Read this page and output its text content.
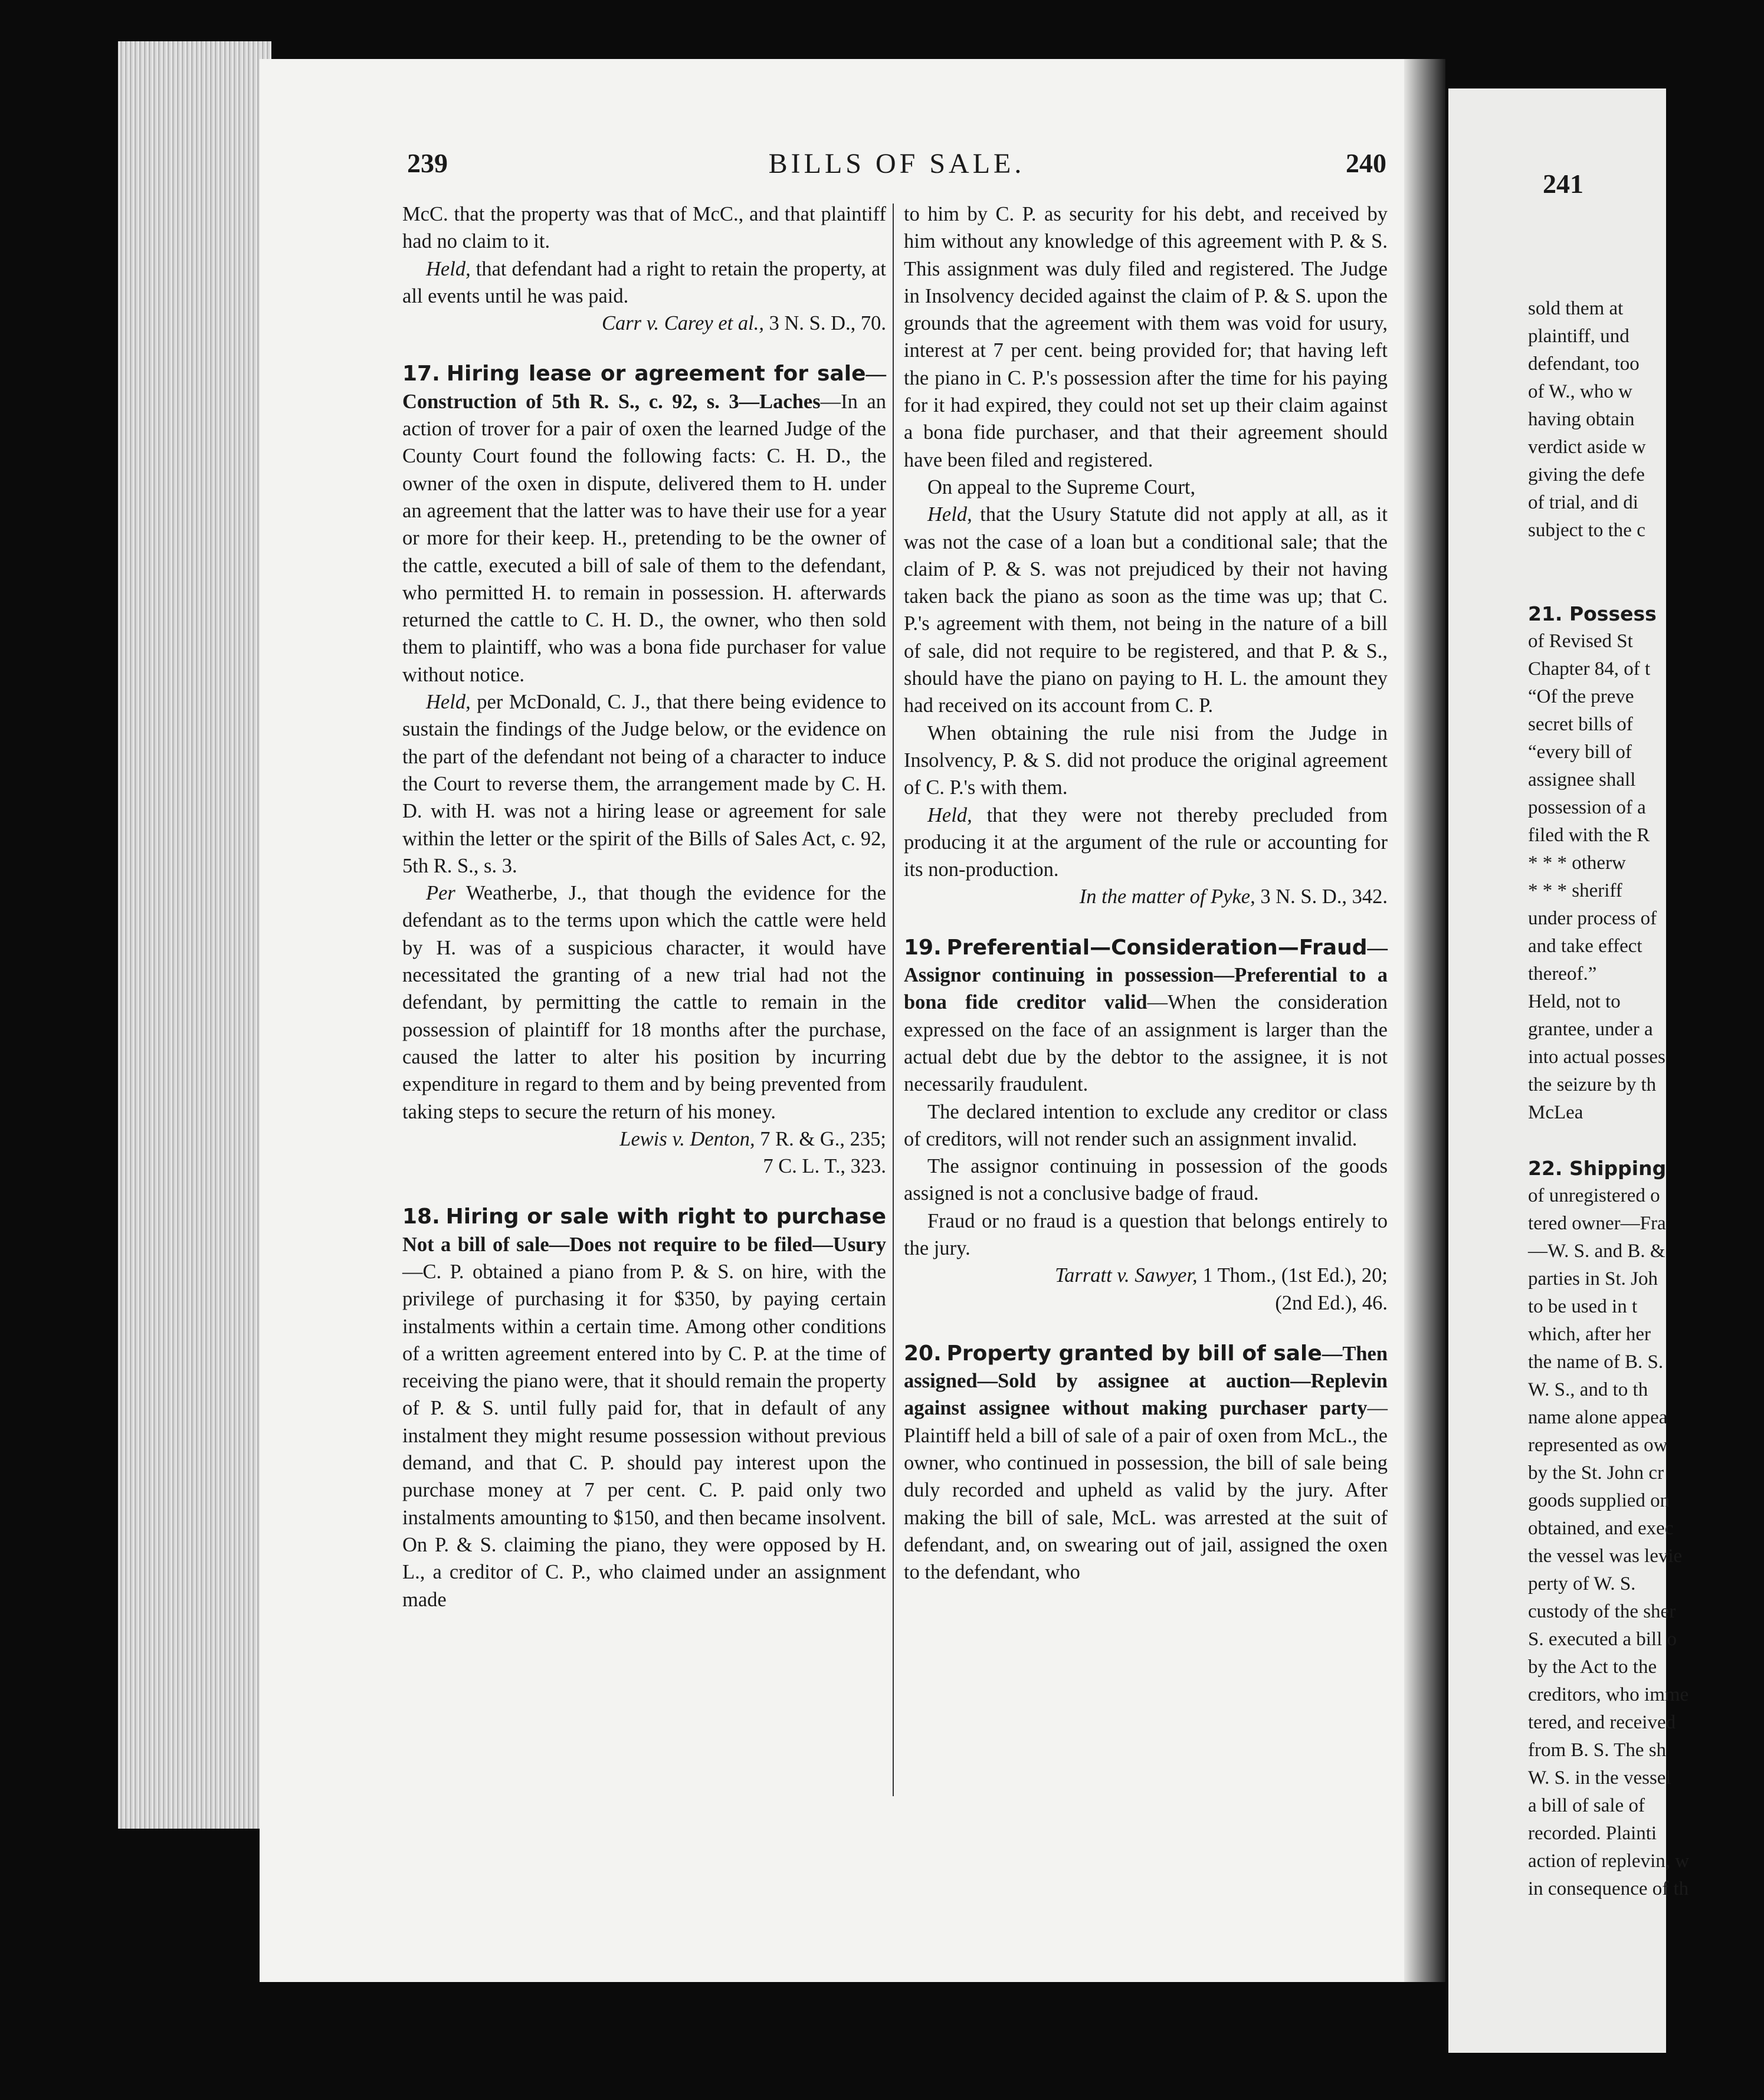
241
sold them at
plaintiff, und
defendant, too
of W., who w
having obtain
verdict aside w
giving the defe
of trial, and di
subject to the c

21. Possess
of Revised St
Chapter 84, of t
“Of the preve
secret bills of
“every bill of
assignee shall
possession of a
filed with the R
* * * otherw
* * * sheriff
under process of
and take effect
thereof.”
Held, not to
grantee, under a
into actual posses
the seizure by th
McLea

22. Shipping
of unregistered o
tered owner—Fra
—W. S. and B. &
parties in St. Joh
to be used in t
which, after her
the name of B. S.
W. S., and to th
name alone appea
represented as ow
by the St. John cr
goods supplied on
obtained, and exec
the vessel was levie
perty of W. S.
custody of the sher
S. executed a bill o
by the Act to the
creditors, who imme
tered, and received
from B. S. The sh
W. S. in the vessel
a bill of sale of
recorded. Plainti
action of replevin, w
in consequence of th
239	BILLS OF SALE.	240

McC. that the property was that of McC., and that plaintiff had no claim to it.

Held, that defendant had a right to retain the property, at all events until he was paid.

Carr v. Carey et al., 3 N. S. D., 70.

17. Hiring lease or agreement for sale—Construction of 5th R. S., c. 92, s. 3—Laches—In an action of trover for a pair of oxen the learned Judge of the County Court found the following facts: C. H. D., the owner of the oxen in dispute, delivered them to H. under an agreement that the latter was to have their use for a year or more for their keep. H., pretending to be the owner of the cattle, executed a bill of sale of them to the defendant, who permitted H. to remain in possession. H. afterwards returned the cattle to C. H. D., the owner, who then sold them to plaintiff, who was a bona fide purchaser for value without notice.

Held, per McDonald, C. J., that there being evidence to sustain the findings of the Judge below, or the evidence on the part of the defendant not being of a character to induce the Court to reverse them, the arrangement made by C. H. D. with H. was not a hiring lease or agreement for sale within the letter or the spirit of the Bills of Sales Act, c. 92, 5th R. S., s. 3.

Per Weatherbe, J., that though the evidence for the defendant as to the terms upon which the cattle were held by H. was of a suspicious character, it would have necessitated the granting of a new trial had not the defendant, by permitting the cattle to remain in the possession of plaintiff for 18 months after the purchase, caused the latter to alter his position by incurring expenditure in regard to them and by being prevented from taking steps to secure the return of his money.

Lewis v. Denton, 7 R. & G., 235;

7 C. L. T., 323.

18. Hiring or sale with right to purchase Not a bill of sale—Does not require to be filed—Usury—C. P. obtained a piano from P. & S. on hire, with the privilege of purchasing it for $350, by paying certain instalments within a certain time. Among other conditions of a written agreement entered into by C. P. at the time of receiving the piano were, that it should remain the property of P. & S. until fully paid for, that in default of any instalment they might resume possession without previous demand, and that C. P. should pay interest upon the purchase money at 7 per cent. C. P. paid only two instalments amounting to $150, and then became insolvent. On P. & S. claiming the piano, they were opposed by H. L., a creditor of C. P., who claimed under an assignment made

to him by C. P. as security for his debt, and received by him without any knowledge of this agreement with P. & S. This assignment was duly filed and registered. The Judge in Insolvency decided against the claim of P. & S. upon the grounds that the agreement with them was void for usury, interest at 7 per cent. being provided for; that having left the piano in C. P.'s possession after the time for his paying for it had expired, they could not set up their claim against a bona fide purchaser, and that their agreement should have been filed and registered.

On appeal to the Supreme Court,

Held, that the Usury Statute did not apply at all, as it was not the case of a loan but a conditional sale; that the claim of P. & S. was not prejudiced by their not having taken back the piano as soon as the time was up; that C. P.'s agreement with them, not being in the nature of a bill of sale, did not require to be registered, and that P. & S., should have the piano on paying to H. L. the amount they had received on its account from C. P.

When obtaining the rule nisi from the Judge in Insolvency, P. & S. did not produce the original agreement of C. P.'s with them.

Held, that they were not thereby precluded from producing it at the argument of the rule or accounting for its non-production.

In the matter of Pyke, 3 N. S. D., 342.

19. Preferential—Consideration—Fraud—Assignor continuing in possession—Preferential to a bona fide creditor valid—When the consideration expressed on the face of an assignment is larger than the actual debt due by the debtor to the assignee, it is not necessarily fraudulent.

The declared intention to exclude any creditor or class of creditors, will not render such an assignment invalid.

The assignor continuing in possession of the goods assigned is not a conclusive badge of fraud.

Fraud or no fraud is a question that belongs entirely to the jury.

Tarratt v. Sawyer, 1 Thom., (1st Ed.), 20;

(2nd Ed.), 46.

20. Property granted by bill of sale—Then assigned—Sold by assignee at auction—Replevin against assignee without making purchaser party—Plaintiff held a bill of sale of a pair of oxen from McL., the owner, who continued in possession, the bill of sale being duly recorded and upheld as valid by the jury. After making the bill of sale, McL. was arrested at the suit of defendant, and, on swearing out of jail, assigned the oxen to the defendant, who
